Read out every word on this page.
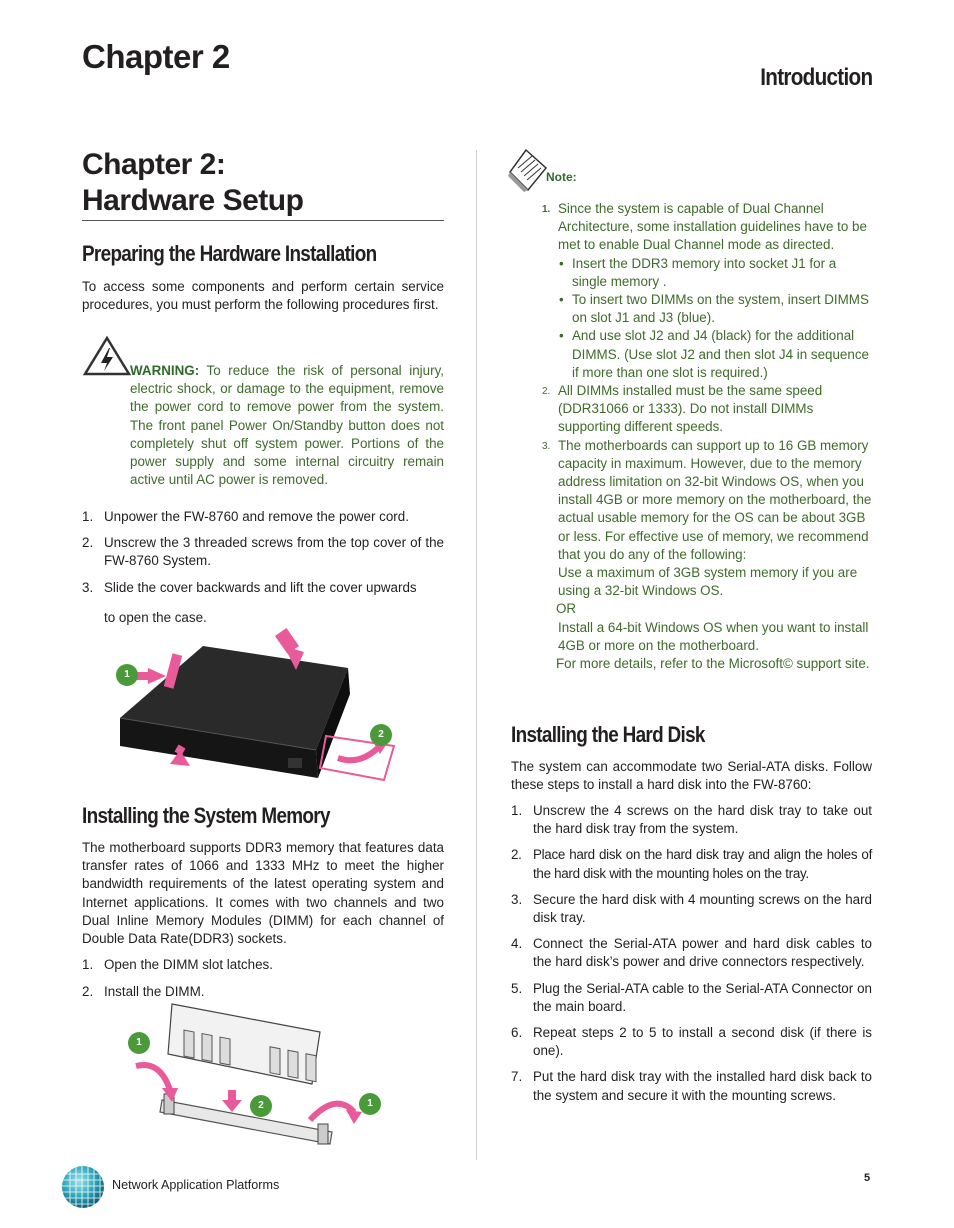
Chapter 2
Introduction
Chapter 2:
Hardware Setup
Preparing the Hardware Installation
To access some components and perform certain service procedures, you must perform the following procedures first.
WARNING: To reduce the risk of personal injury, electric shock, or damage to the equipment, remove the power cord to remove power from the system. The front panel Power On/Standby button does not completely shut off system power. Portions of the power supply and some internal circuitry remain active until AC power is removed.
1. Unpower the FW-8760 and remove the power cord.
2. Unscrew the 3 threaded screws from the top cover of the FW-8760 System.
3. Slide the cover backwards and lift the cover upwards
to open the case.
1
2
Installing the System Memory
The motherboard supports DDR3 memory that features data transfer rates of 1066 and 1333 MHz to meet the higher bandwidth requirements of the latest operating system and Internet applications. It comes with two channels and two Dual Inline Memory Modules (DIMM) for each channel of Double Data Rate(DDR3) sockets.
1. Open the DIMM slot latches.
2. Install the DIMM.
1
2	1
Note:
1. Since the system is capable of Dual Channel Architecture, some installation guidelines have to be met to enable Dual Channel mode as directed.
• Insert the DDR3 memory into socket J1 for a single memory .
• To insert two DIMMs on the system, insert DIMMS on slot J1 and J3 (blue).
• And use slot J2 and J4 (black) for the additional DIMMS. (Use slot J2 and then slot J4 in sequence if more than one slot is required.)
2. All DIMMs installed must be the same speed (DDR31066 or 1333). Do not install DIMMs supporting different speeds.
3. The motherboards can support up to 16 GB memory capacity in maximum. However, due to the memory address limitation on 32-bit Windows OS, when you install 4GB or more memory on the motherboard, the actual usable memory for the OS can be about 3GB or less. For effective use of memory, we recommend that you do any of the following:
Use a maximum of 3GB system memory if you are using a 32-bit Windows OS.
OR
Install a 64-bit Windows OS when you want to install 4GB or more on the motherboard.
For more details, refer to the Microsoft© support site.
Installing the Hard Disk
The system can accommodate two Serial-ATA disks. Follow these steps to install a hard disk into the FW-8760:
1. Unscrew the 4 screws on the hard disk tray to take out the hard disk tray from the system.
2. Place hard disk on the hard disk tray and align the holes of the hard disk with the mounting holes on the tray.
3. Secure the hard disk with 4 mounting screws on the hard disk tray.
4. Connect the Serial-ATA power and hard disk cables to the hard disk’s power and drive connectors respectively.
5. Plug the Serial-ATA cable to the Serial-ATA Connector on the main board.
6. Repeat steps 2 to 5 to install a second disk (if there is one).
7. Put the hard disk tray with the installed hard disk back to the system and secure it with the mounting screws.
Network Application Platforms	5
